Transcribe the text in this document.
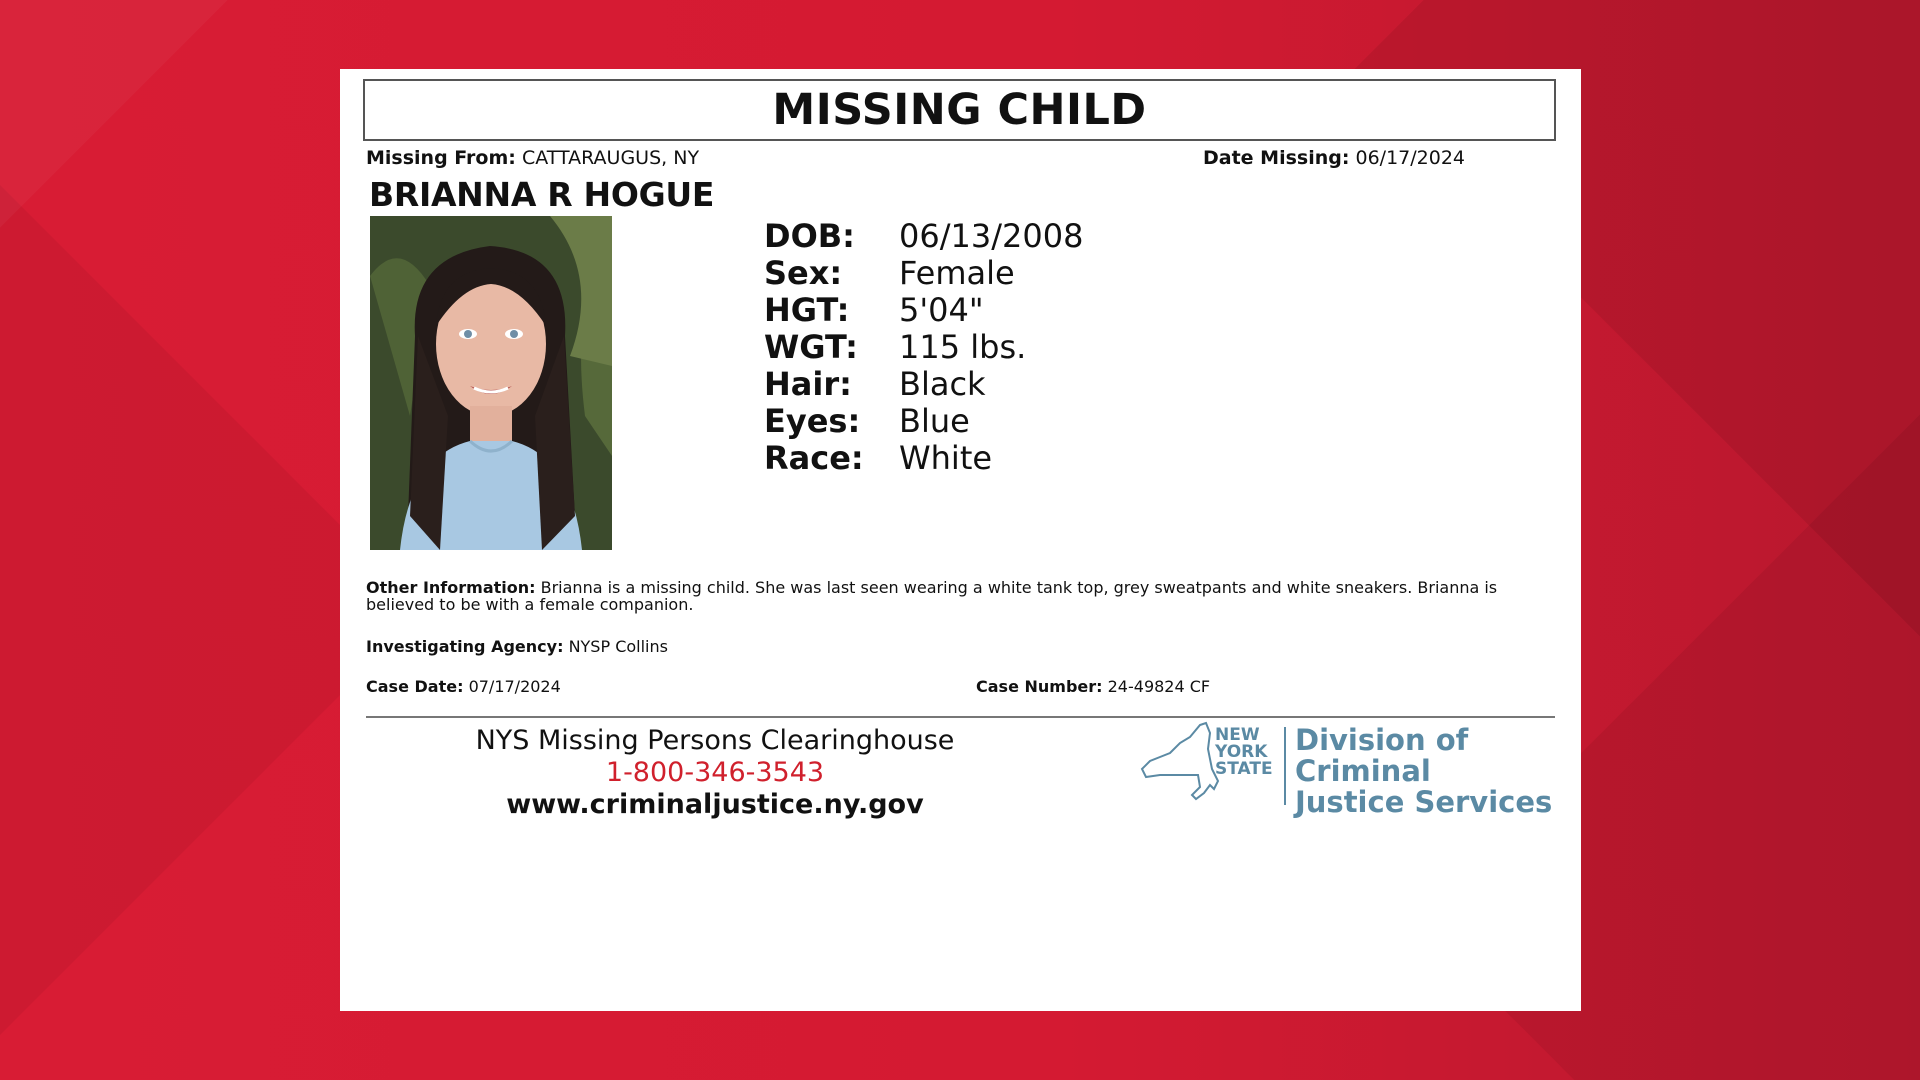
MISSING CHILD
Missing From: CATTARAUGUS, NY	Date Missing: 06/17/2024
BRIANNA R HOGUE
DOB:	06/13/2008
Sex:	Female
HGT:	5'04"
WGT:	115 lbs.
Hair:	Black
Eyes:	Blue
Race:	White
Other Information: Brianna is a missing child. She was last seen wearing a white tank top, grey sweatpants and white sneakers. Brianna is believed to be with a female companion.
Investigating Agency: NYSP Collins
Case Date: 07/17/2024	Case Number: 24-49824 CF
NYS Missing Persons Clearinghouse
1-800-346-3543
www.criminaljustice.ny.gov
NEW
YORK
STATE
Division of Criminal
Justice Services
